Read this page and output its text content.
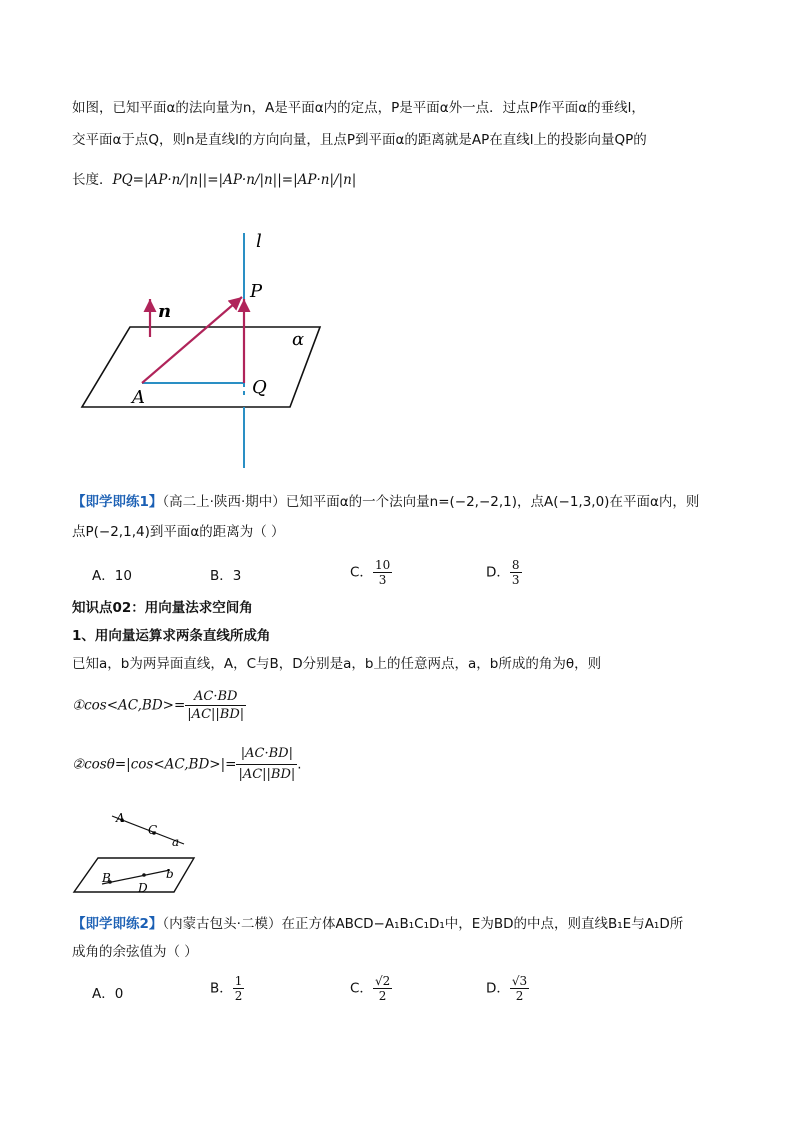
如图，已知平面α的法向量为n，A是平面α内的定点，P是平面α外一点．过点P作平面α的垂线l，
交平面α于点Q，则n是直线l的方向向量，且点P到平面α的距离就是AP在直线l上的投影向量QP的
长度．PQ=|AP·n/|n||=|AP·n/|n||=|AP·n|/|n|
l
P
n
α
A	Q
【即学即练1】（高二上·陕西·期中）已知平面α的一个法向量n=(−2,−2,1)，点A(−1,3,0)在平面α内，则
点P(−2,1,4)到平面α的距离为（ ）
A．10	B．3	C． $\frac{10}{3}$	D． $\frac{8}{3}$
知识点02：用向量法求空间角
1、用向量运算求两条直线所成角
已知a，b为两异面直线，A，C与B，D分别是a，b上的任意两点，a，b所成的角为θ，则
①cos<AC,BD>= $\frac{AC\cdot BD}{|AC||BD|}$
②cosθ=|cos<AC,BD>|= $\frac{|AC\cdot BD|}{|AC||BD|}$ .
A
C
a
B
D
b
【即学即练2】（内蒙古包头·二模）在正方体ABCD−A₁B₁C₁D₁中，E为BD的中点，则直线B₁E与A₁D所
成角的余弦值为（ ）
A．0	B． $\frac{1}{2}$	C． $\frac{√2}{2}$	D． $\frac{√3}{2}$
